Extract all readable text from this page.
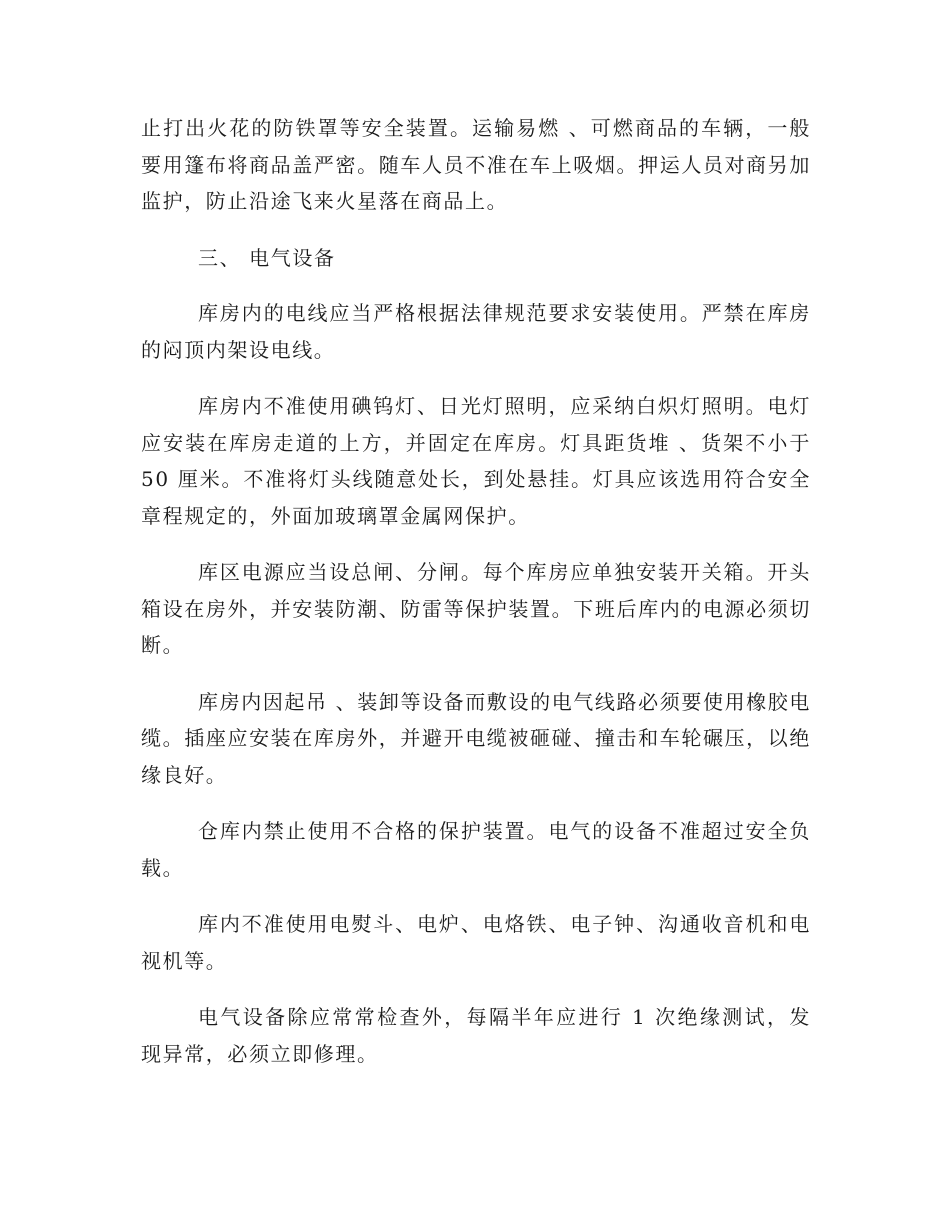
止打出火花的防铁罩等安全装置。运输易燃 、可燃商品的车辆，一般要用篷布将商品盖严密。随车人员不准在车上吸烟。押运人员对商另加监护，防止沿途飞来火星落在商品上。

三、 电气设备

库房内的电线应当严格根据法律规范要求安装使用。严禁在库房的闷顶内架设电线。

库房内不准使用碘钨灯、日光灯照明，应采纳白炽灯照明。电灯应安装在库房走道的上方，并固定在库房。灯具距货堆 、货架不小于50 厘米。不准将灯头线随意处长，到处悬挂。灯具应该选用符合安全章程规定的，外面加玻璃罩金属网保护。

库区电源应当设总闸、分闸。每个库房应单独安装开关箱。开头箱设在房外，并安装防潮、防雷等保护装置。下班后库内的电源必须切断。

库房内因起吊 、装卸等设备而敷设的电气线路必须要使用橡胶电缆。插座应安装在库房外，并避开电缆被砸碰、撞击和车轮碾压，以绝缘良好。

仓库内禁止使用不合格的保护装置。电气的设备不准超过安全负载。

库内不准使用电熨斗、电炉、电烙铁、电子钟、沟通收音机和电视机等。

电气设备除应常常检查外，每隔半年应进行 1 次绝缘测试，发现异常，必须立即修理。
